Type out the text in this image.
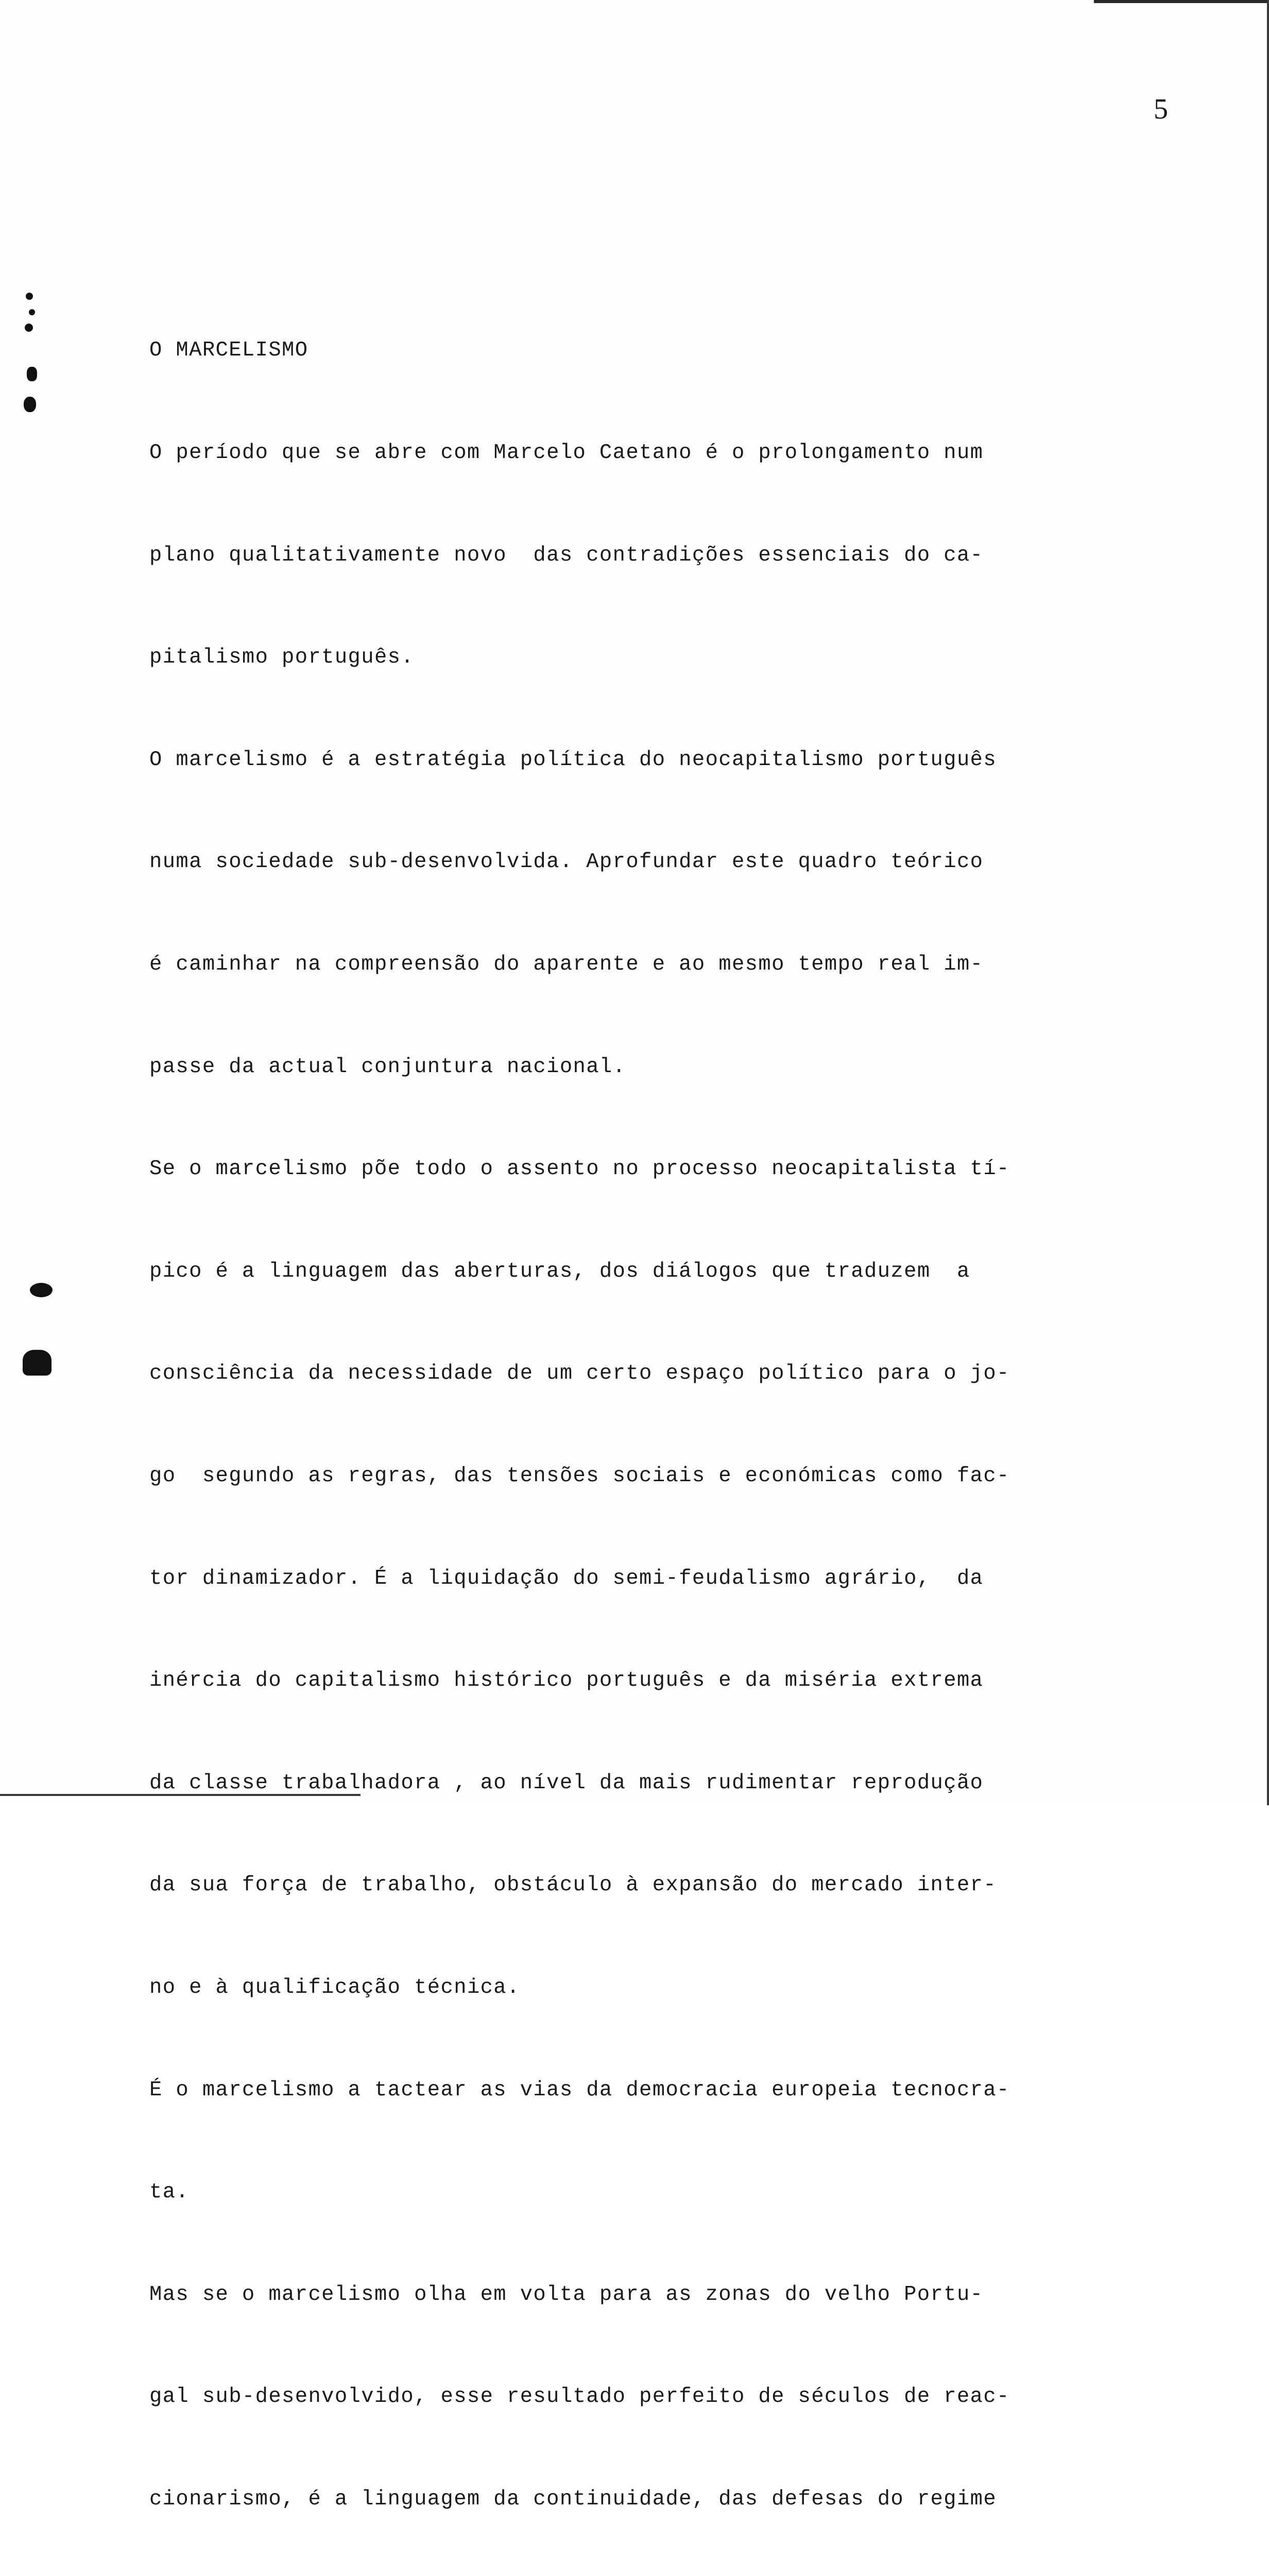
5

O MARCELISMO

O período que se abre com Marcelo Caetano é o prolongamento num

plano qualitativamente novo  das contradições essenciais do ca-

pitalismo português.

O marcelismo é a estratégia política do neocapitalismo português

numa sociedade sub-desenvolvida. Aprofundar este quadro teórico

é caminhar na compreensão do aparente e ao mesmo tempo real im-

passe da actual conjuntura nacional.

Se o marcelismo põe todo o assento no processo neocapitalista tí-

pico é a linguagem das aberturas, dos diálogos que traduzem  a

consciência da necessidade de um certo espaço político para o jo-

go  segundo as regras, das tensões sociais e económicas como fac-

tor dinamizador. É a liquidação do semi-feudalismo agrário,  da

inércia do capitalismo histórico português e da miséria extrema

da classe trabalhadora , ao nível da mais rudimentar reprodução

da sua força de trabalho, obstáculo à expansão do mercado inter-

no e à qualificação técnica.

É o marcelismo a tactear as vias da democracia europeia tecnocra-

ta.

Mas se o marcelismo olha em volta para as zonas do velho Portu-

gal sub-desenvolvido, esse resultado perfeito de séculos de reac-

cionarismo, é a linguagem da continuidade, das defesas do regime
